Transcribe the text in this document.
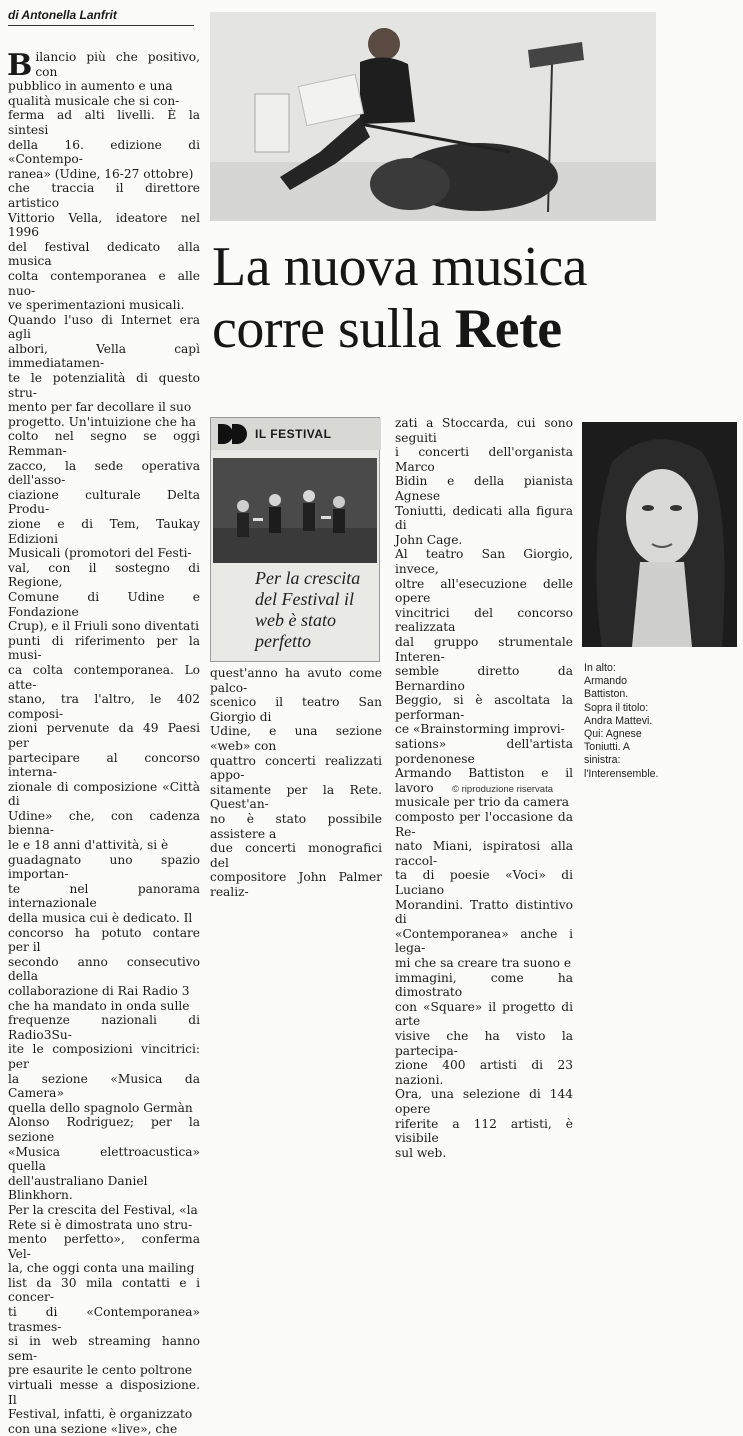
di Antonella Lanfrit
Bilancio più che positivo, con
pubblico in aumento e una
qualità musicale che si con-
ferma ad alti livelli. È la sintesi
della 16. edizione di «Contempo-
ranea» (Udine, 16-27 ottobre)
che traccia il direttore artistico
Vittorio Vella, ideatore nel 1996
del festival dedicato alla musica
colta contemporanea e alle nuo-
ve sperimentazioni musicali.
Quando l'uso di Internet era agli
albori, Vella capì immediatamen-
te le potenzialità di questo stru-
mento per far decollare il suo
progetto. Un'intuizione che ha
colto nel segno se oggi Remman-
zacco, la sede operativa dell'asso-
ciazione culturale Delta Produ-
zione e di Tem, Taukay Edizioni
Musicali (promotori del Festi-
val, con il sostegno di Regione,
Comune di Udine e Fondazione
Crup), e il Friuli sono diventati
punti di riferimento per la musi-
ca colta contemporanea. Lo atte-
stano, tra l'altro, le 402 composi-
zioni pervenute da 49 Paesi per
partecipare al concorso interna-
zionale di composizione «Città di
Udine» che, con cadenza bienna-
le e 18 anni d'attività, si è
guadagnato uno spazio importan-
te nel panorama internazionale
della musica cui è dedicato. Il
concorso ha potuto contare per il
secondo anno consecutivo della
collaborazione di Rai Radio 3
che ha mandato in onda sulle
frequenze nazionali di Radio3Su-
ite le composizioni vincitrici: per
la sezione «Musica da Camera»
quella dello spagnolo Germàn
Alonso Rodriguez; per la sezione
«Musica elettroacustica» quella
dell'australiano Daniel
Blinkhorn.
Per la crescita del Festival, «la
Rete si è dimostrata uno stru-
mento perfetto», conferma Vel-
la, che oggi conta una mailing
list da 30 mila contatti e i concer-
ti di «Contemporanea» trasmes-
si in web streaming hanno sem-
pre esaurite le cento poltrone
virtuali messe a disposizione. Il
Festival, infatti, è organizzato
con una sezione «live», che
La nuova musica
corre sulla Rete
IL FESTIVAL
Per la crescita del Festival il web è stato perfetto
quest'anno ha avuto come palco-
scenico il teatro San Giorgio di
Udine, e una sezione «web» con
quattro concerti realizzati appo-
sitamente per la Rete. Quest'an-
no è stato possibile assistere a
due concerti monografici del
compositore John Palmer realiz-
zati a Stoccarda, cui sono seguiti
i concerti dell'organista Marco
Bidin e della pianista Agnese
Toniutti, dedicati alla figura di
John Cage.
Al teatro San Giorgio, invece,
oltre all'esecuzione delle opere
vincitrici del concorso realizzata
dal gruppo strumentale Interen-
semble diretto da Bernardino
Beggio, si è ascoltata la performan-
ce «Brainstorming improvi-
sations» dell'artista pordenonese
Armando Battiston e il lavoro
musicale per trio da camera
composto per l'occasione da Re-
nato Miani, ispiratosi alla raccol-
ta di poesie «Voci» di Luciano
Morandini. Tratto distintivo di
«Contemporanea» anche i lega-
mi che sa creare tra suono e
immagini, come ha dimostrato
con «Square» il progetto di arte
visive che ha visto la partecipa-
zione 400 artisti di 23 nazioni.
Ora, una selezione di 144 opere
riferite a 112 artisti, è visibile
sul web.
In alto:
Armando
Battiston.
Sopra il titolo:
Andra Mattevi.
Qui: Agnese
Toniutti. A
sinistra:
l'Interensemble.
© riproduzione riservata
